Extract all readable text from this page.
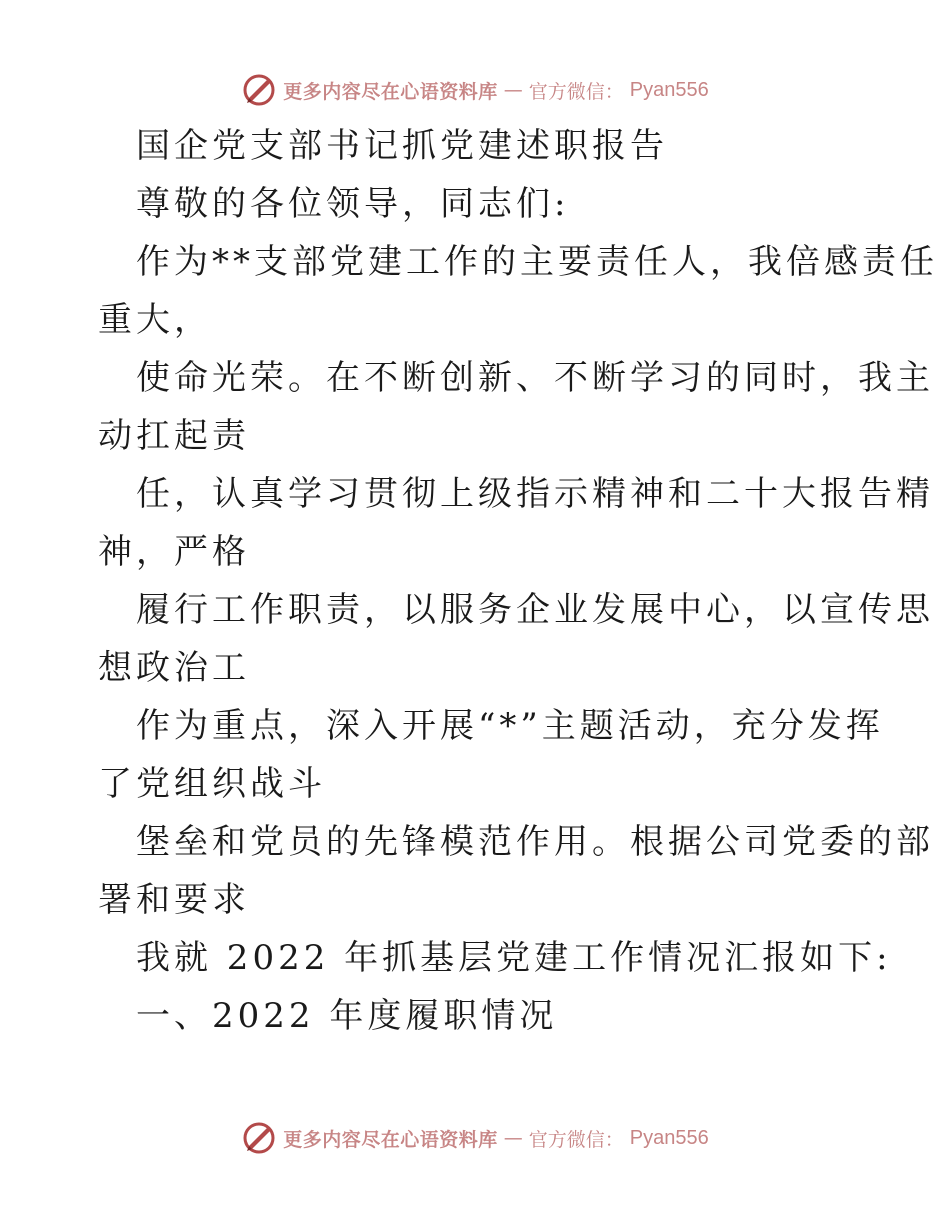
更多内容尽在心语资料库 — 官方微信： Pyan556
国企党支部书记抓党建述职报告
尊敬的各位领导，同志们:
作为**支部党建工作的主要责任人，我倍感责任
重大，
使命光荣。在不断创新、不断学习的同时，我主
动扛起责
任，认真学习贯彻上级指示精神和二十大报告精
神，严格
履行工作职责，以服务企业发展中心，以宣传思
想政治工
作为重点，深入开展“*”主题活动，充分发挥
了党组织战斗
堡垒和党员的先锋模范作用。根据公司党委的部
署和要求
我就 2022 年抓基层党建工作情况汇报如下:
一、2022 年度履职情况
更多内容尽在心语资料库 — 官方微信： Pyan556
